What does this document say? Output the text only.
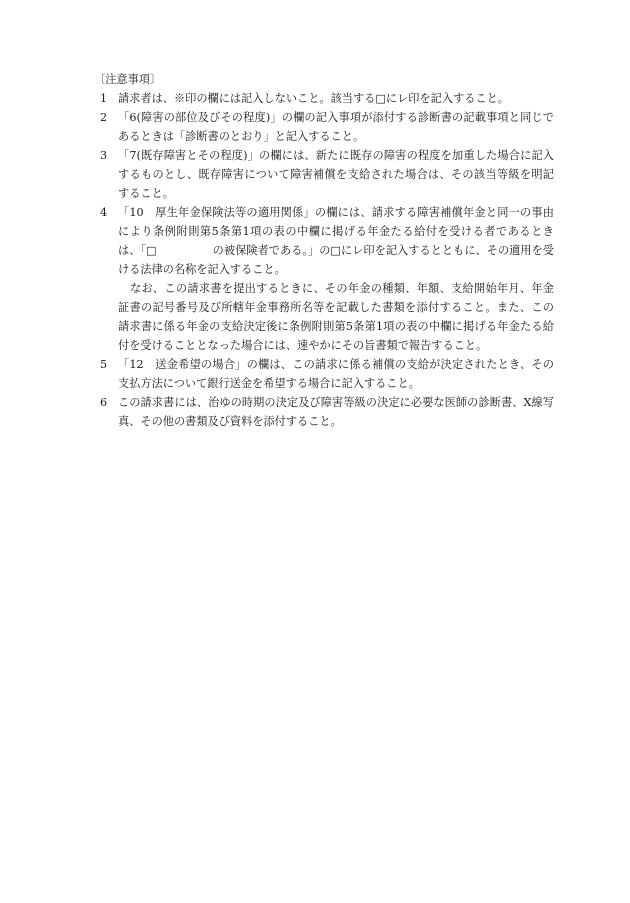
〔注意事項〕

1 請求者は、※印の欄には記入しないこと。該当する□にレ印を記入すること。

2 「6(障害の部位及びその程度)」の欄の記入事項が添付する診断書の記載事項と同じであるときは「診断書のとおり」と記入すること。

3 「7(既存障害とその程度)」の欄には、新たに既存の障害の程度を加重した場合に記入するものとし、既存障害について障害補償を支給された場合は、その該当等級を明記すること。

4 「10　厚生年金保険法等の適用関係」の欄には、請求する障害補償年金と同一の事由により条例附則第5条第1項の表の中欄に掲げる年金たる給付を受ける者であるときは、「□　　　　　の被保険者である。」の□にレ印を記入するとともに、その適用を受ける法律の名称を記入すること。

なお、この請求書を提出するときに、その年金の種類、年額、支給開始年月、年金証書の記号番号及び所轄年金事務所名等を記載した書類を添付すること。また、この請求書に係る年金の支給決定後に条例附則第5条第1項の表の中欄に掲げる年金たる給付を受けることとなった場合には、速やかにその旨書類で報告すること。

5 「12　送金希望の場合」の欄は、この請求に係る補償の支給が決定されたとき、その支払方法について銀行送金を希望する場合に記入すること。

6 この請求書には、治ゆの時期の決定及び障害等級の決定に必要な医師の診断書、X線写真、その他の書類及び資料を添付すること。
